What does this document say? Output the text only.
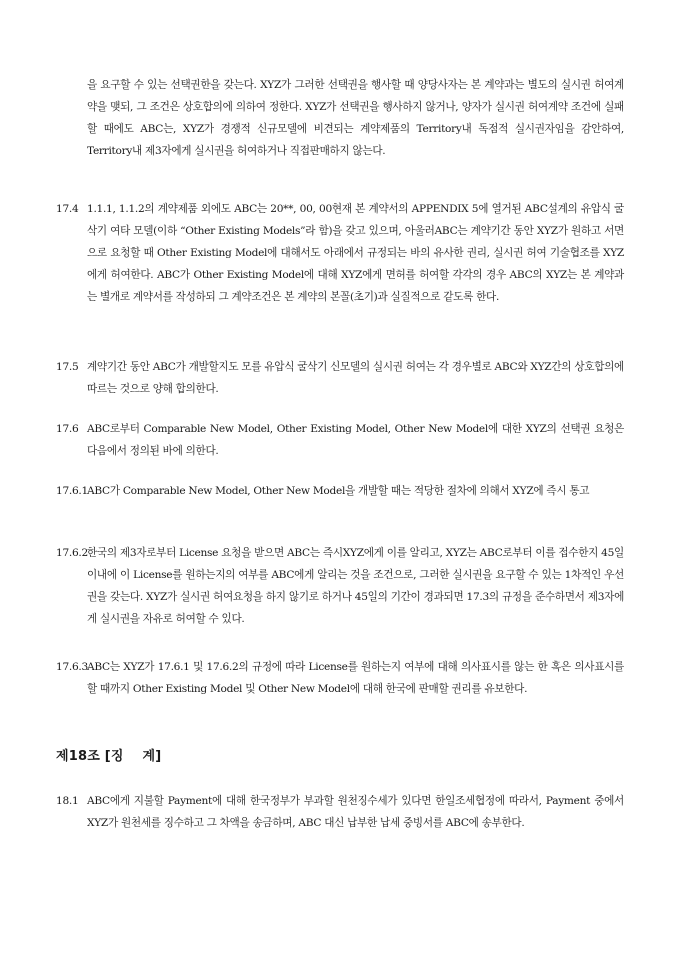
을 요구할 수 있는 선택권한을 갖는다. XYZ가 그러한 선택권을 행사할 때 양당사자는 본 계약과는 별도의 실시권 허여계약을 맺되, 그 조건은 상호합의에 의하여 정한다. XYZ가 선택권을 행사하지 않거나, 양자가 실시권 허여계약 조건에 실패할 때에도 ABC는, XYZ가 경쟁적 신규모델에 비견되는 계약제품의 Territory내 독점적 실시권자임을 감안하여, Territory내 제3자에게 실시권을 허여하거나 직접판매하지 않는다.
17.4 1.1.1, 1.1.2의 계약제품 외에도 ABC는 20**, 00, 00현재 본 계약서의 APPENDIX 5에 열거된 ABC설계의 유압식 굴삭기 여타 모델(이하 “Other Existing Models”라 함)을 갖고 있으며, 아울러ABC는 계약기간 동안 XYZ가 원하고 서면으로 요청할 때 Other Existing Model에 대해서도 아래에서 규정되는 바의 유사한 권리, 실시권 허여 기술협조를 XYZ에게 허여한다. ABC가 Other Existing Model에 대해 XYZ에게 면허를 허여할 각각의 경우 ABC의 XYZ는 본 계약과는 별개로 계약서를 작성하되 그 계약조건은 본 계약의 본꼴(초기)과 실질적으로 같도록 한다.
17.5 계약기간 동안 ABC가 개발할지도 모를 유압식 굴삭기 신모델의 실시권 허여는 각 경우별로 ABC와 XYZ간의 상호합의에 따르는 것으로 양해 합의한다.
17.6 ABC로부터 Comparable New Model, Other Existing Model, Other New Model에 대한 XYZ의 선택권 요청은 다음에서 정의된 바에 의한다.
17.6.1 ABC가 Comparable New Model, Other New Model을 개발할 때는 적당한 절차에 의해서 XYZ에 즉시 통고
17.6.2 한국의 제3자로부터 License 요청을 받으면 ABC는 즉시XYZ에게 이를 알리고, XYZ는 ABC로부터 이를 접수한지 45일 이내에 이 License를 원하는지의 여부를 ABC에게 알리는 것을 조건으로, 그러한 실시권을 요구할 수 있는 1차적인 우선권을 갖는다. XYZ가 실시권 허여요청을 하지 않기로 하거나 45일의 기간이 경과되면 17.3의 규정을 준수하면서 제3자에게 실시권을 자유로 허여할 수 있다.
17.6.3 ABC는 XYZ가 17.6.1 및 17.6.2의 규정에 따라 License를 원하는지 여부에 대해 의사표시를 않는 한 혹은 의사표시를 할 때까지 Other Existing Model 및 Other New Model에 대해 한국에 판매할 권리를 유보한다.
제18조 [징    계]
18.1 ABC에게 지불할 Payment에 대해 한국정부가 부과할 원천징수세가 있다면 한일조세협정에 따라서, Payment 중에서 XYZ가 원천세를 징수하고 그 차액을 송금하며, ABC 대신 납부한 납세 중빙서를 ABC에 송부한다.
